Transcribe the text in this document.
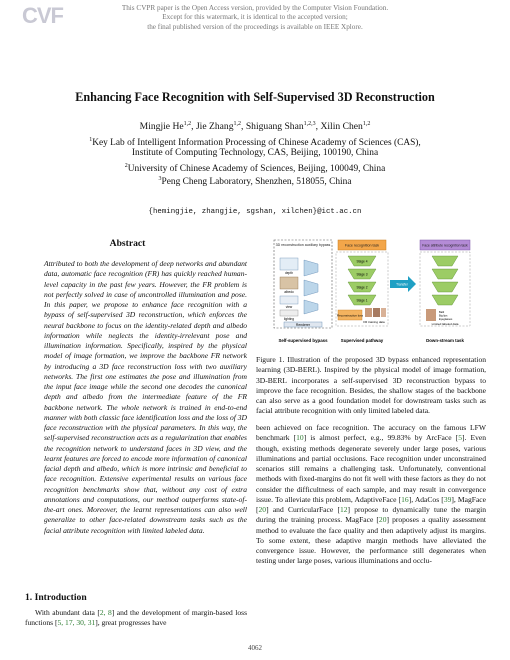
CVF	This CVPR paper is the Open Access version, provided by the Computer Vision Foundation.
Except for this watermark, it is identical to the accepted version;
the final published version of the proceedings is available on IEEE Xplore.
Enhancing Face Recognition with Self-Supervised 3D Reconstruction
Mingjie He$^{1,2}$, Jie Zhang$^{1,2}$, Shiguang Shan$^{1,2,3}$, Xilin Chen$^{1,2}$
$^1$Key Lab of Intelligent Information Processing of Chinese Academy of Sciences (CAS),
Institute of Computing Technology, CAS, Beijing, 100190, China
$^2$University of Chinese Academy of Sciences, Beijing, 100049, China
$^3$Peng Cheng Laboratory, Shenzhen, 518055, China
{hemingjie, zhangjie, sgshan, xilchen}@ict.ac.cn
Abstract
Attributed to both the development of deep networks and abundant data, automatic face recognition (FR) has quickly reached human-level capacity in the past few years. However, the FR problem is not perfectly solved in case of uncontrolled illumination and pose. In this paper, we propose to enhance face recognition with a bypass of self-supervised 3D reconstruction, which enforces the neural backbone to focus on the identity-related depth and albedo information while neglects the identity-irrelevant pose and illumination information. Specifically, inspired by the physical model of image formation, we improve the backbone FR network by introducing a 3D face reconstruction loss with two auxiliary networks. The first one estimates the pose and illumination from the input face image while the second one decodes the canonical depth and albedo from the intermediate feature of the FR backbone network. The whole network is trained in end-to-end manner with both classic face identification loss and the loss of 3D face reconstruction with the physical parameters. In this way, the self-supervised reconstruction acts as a regularization that enables the recognition network to understand faces in 3D view, and the learnt features are forced to encode more information of canonical facial depth and albedo, which is more intrinsic and beneficial to face recognition. Extensive experimental results on various face recognition benchmarks show that, without any cost of extra annotations and computations, our method outperforms state-of-the-art ones. Moreover, the learnt representations can also well generalize to other face-related downstream tasks such as the facial attribute recognition with limited labeled data.
1. Introduction
With abundant data [2, 8] and the development of margin-based loss functions [5, 17, 30, 31], great progresses have
3D reconstruction auxiliary bypass
depth
albedo
view
lighting
Renderer
Face recognition task
Stage 4
Stage 3
Stage 2
Stage 1
Reconstruction loss
FR training data
Transfer
Face attribute recognition task
Bald
Big lips
Eyeglasses
Limited labeled data
Self-supervised bypass	Supervised pathway	Down-stream task
Figure 1. Illustration of the proposed 3D bypass enhanced representation learning (3D-BERL). Inspired by the physical model of image formation, 3D-BERL incorporates a self-supervised 3D reconstruction bypass to improve the face recognition. Besides, the shallow stages of the backbone can also serve as a good foundation model for downstream tasks such as facial attribute recognition with only limited labeled data.
been achieved on face recognition. The accuracy on the famous LFW benchmark [10] is almost perfect, e.g., 99.83% by ArcFace [5]. Even though, existing methods degenerate severely under large poses, various illuminations and partial occlusions. Face recognition under unconstrained scenarios still remains a challenging task. Unfortunately, conventional methods with fixed-margins do not fit well with these factors as they do not consider the difficultness of each sample, and may result in convergence issue. To alleviate this problem, AdaptiveFace [16], AdaCos [39], MagFace [20] and CurricularFace [12] propose to dynamically tune the margin during the training process. MagFace [20] proposes a quality assessment method to evaluate the face quality and then adaptively adjust its margins. To some extent, these adaptive margin methods have alleviated the convergence issue. However, the performance still degenerates when testing under large poses, various illuminations and occlu-
4062
